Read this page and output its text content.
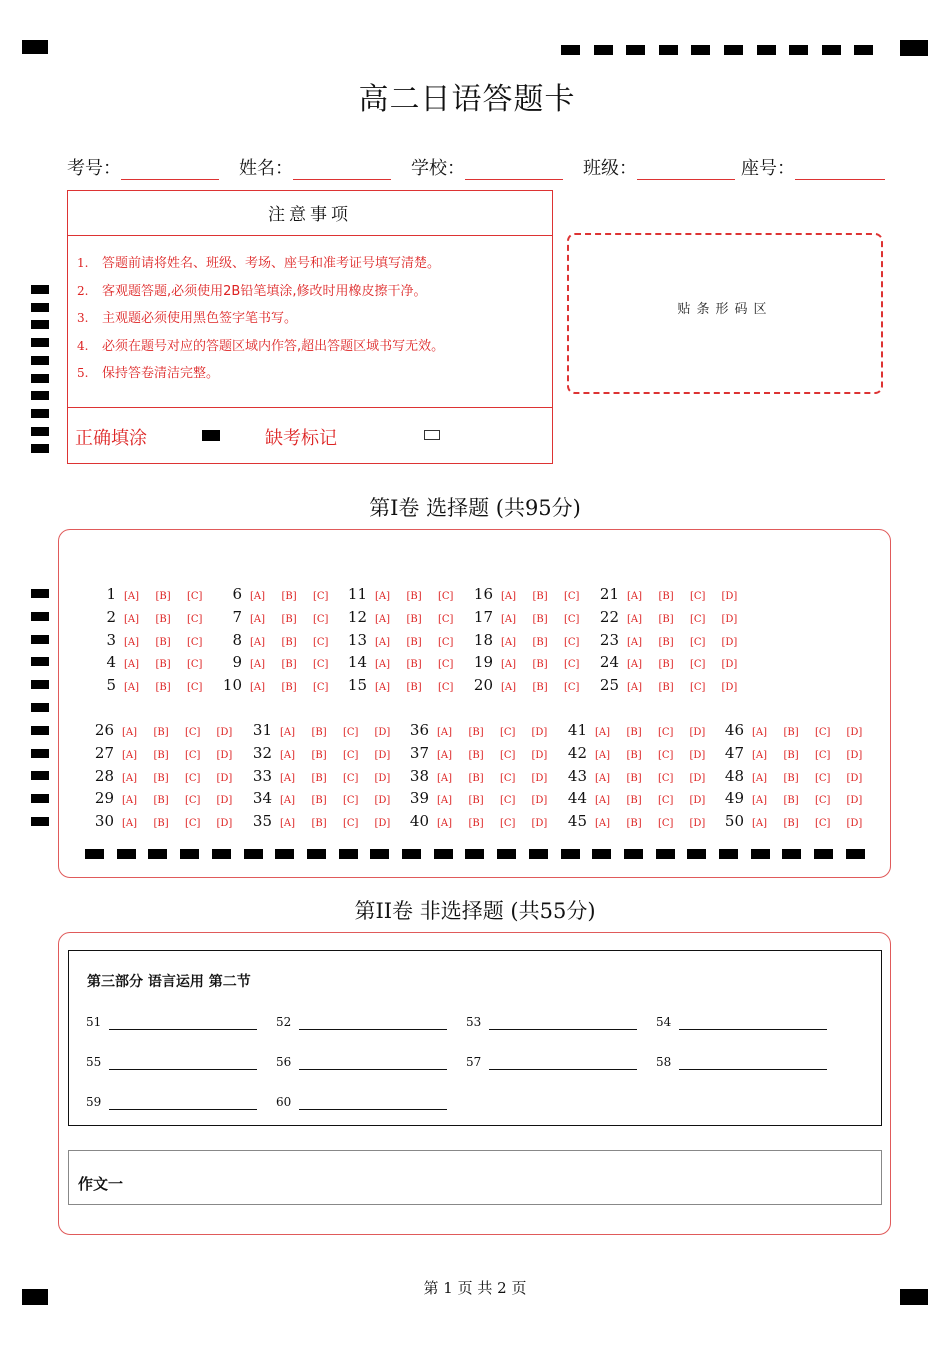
高二日语答题卡
考号：	姓名：	学校：	班级：	座号：
注意事项
1. 答题前请将姓名、班级、考场、座号和准考证号填写清楚。
2. 客观题答题,必须使用2B铅笔填涂,修改时用橡皮擦干净。
3. 主观题必须使用黑色签字笔书写。
4. 必须在题号对应的答题区域内作答,超出答题区域书写无效。
5. 保持答卷清洁完整。
正确填涂	缺考标记
贴条形码区
第I卷 选择题 (共95分)
1 [A] [B] [C]
2 [A] [B] [C]
3 [A] [B] [C]
4 [A] [B] [C]
5 [A] [B] [C]
6 [A] [B] [C]
7 [A] [B] [C]
8 [A] [B] [C]
9 [A] [B] [C]
10 [A] [B] [C]
11 [A] [B] [C]
12 [A] [B] [C]
13 [A] [B] [C]
14 [A] [B] [C]
15 [A] [B] [C]
16 [A] [B] [C]
17 [A] [B] [C]
18 [A] [B] [C]
19 [A] [B] [C]
20 [A] [B] [C]
21 [A] [B] [C] [D]
22 [A] [B] [C] [D]
23 [A] [B] [C] [D]
24 [A] [B] [C] [D]
25 [A] [B] [C] [D]
26 [A] [B] [C] [D]
27 [A] [B] [C] [D]
28 [A] [B] [C] [D]
29 [A] [B] [C] [D]
30 [A] [B] [C] [D]
31 [A] [B] [C] [D]
32 [A] [B] [C] [D]
33 [A] [B] [C] [D]
34 [A] [B] [C] [D]
35 [A] [B] [C] [D]
36 [A] [B] [C] [D]
37 [A] [B] [C] [D]
38 [A] [B] [C] [D]
39 [A] [B] [C] [D]
40 [A] [B] [C] [D]
41 [A] [B] [C] [D]
42 [A] [B] [C] [D]
43 [A] [B] [C] [D]
44 [A] [B] [C] [D]
45 [A] [B] [C] [D]
46 [A] [B] [C] [D]
47 [A] [B] [C] [D]
48 [A] [B] [C] [D]
49 [A] [B] [C] [D]
50 [A] [B] [C] [D]
第II卷 非选择题 (共55分)
第三部分 语言运用 第二节
51	52	53	54
55	56	57	58
59	60
作文一
第 1 页 共 2 页
